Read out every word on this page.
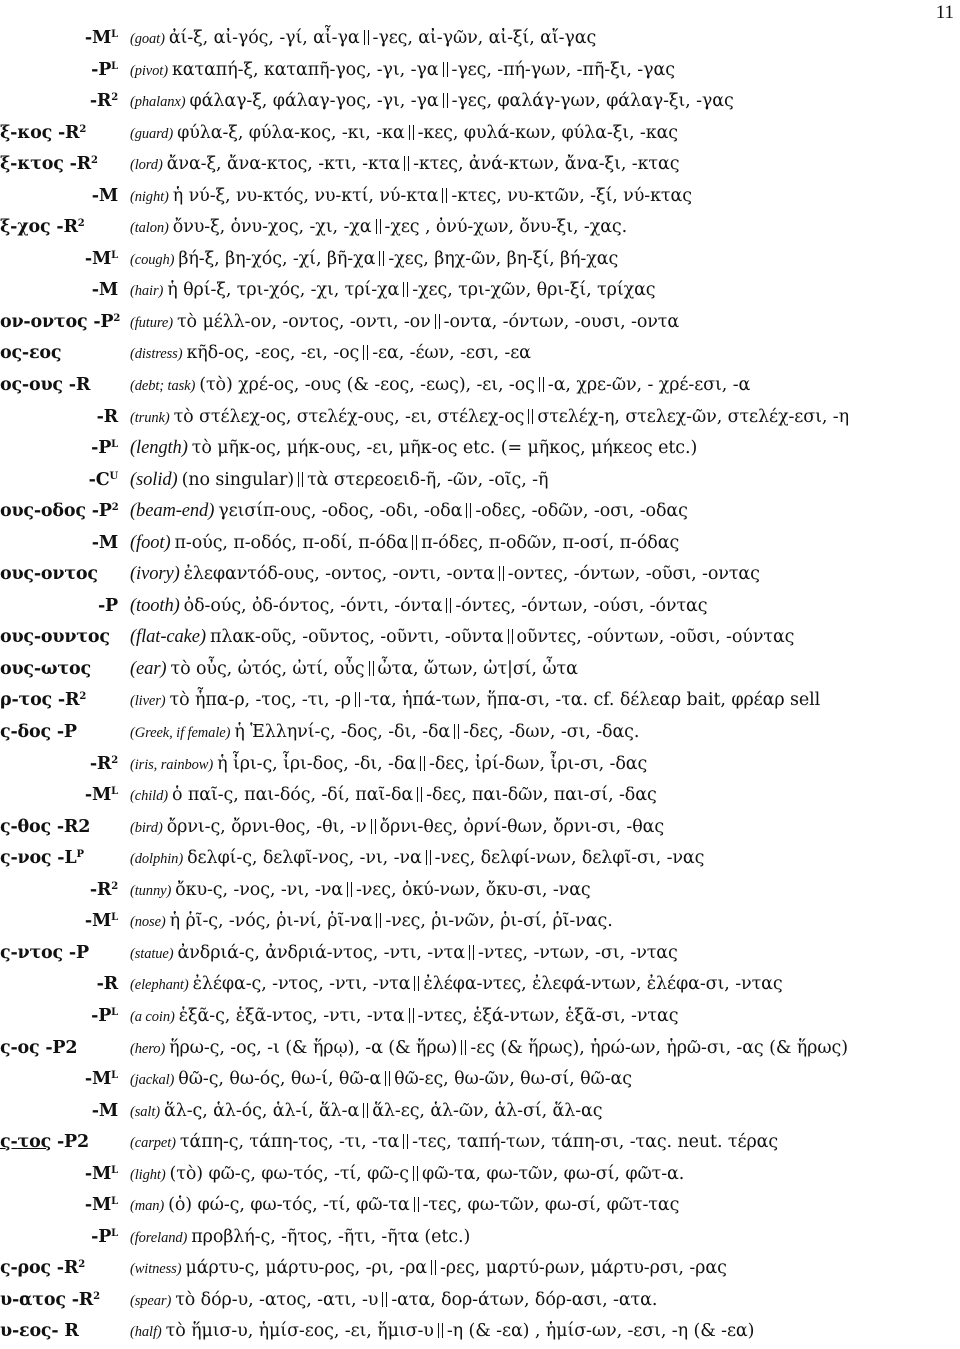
11
$-M^L$ (goat) ἀί-ξ, αἰ-γός, -γί, αἶ-γα -γες, αἰ-γῶν, αἰ-ξί, αἴ-γας
$-P^L$ (pivot) καταπή-ξ, καταπῆ-γος, -γι, -γα -γες, -πή-γων, -πῆ-ξι, -γας
$-R^2$ (phalanx) φάλαγ-ξ, φάλαγ-γος, -γι, -γα -γες, φαλάγ-γων, φάλαγ-ξι, -γας
ξ-κος $-R^2$	(guard) φύλα-ξ, φύλα-κος, -κι, -κα -κες, φυλά-κων, φύλα-ξι, -κας
ξ-κτος $-R^2$	(lord) ἄνα-ξ, ἄνα-κτος, -κτι, -κτα -κτες, ἀνά-κτων, ἄνα-ξι, -κτας
-M (night) ἡ νύ-ξ, νυ-κτός, νυ-κτί, νύ-κτα -κτες, νυ-κτῶν, -ξί, νύ-κτας
ξ-χος $-R^2$	(talon) ὄνυ-ξ, ὁνυ-χος, -χι, -χα -χες , ὀνύ-χων, ὄνυ-ξι, -χας.
$-M^L$ (cough) βή-ξ, βη-χός, -χί, βῆ-χα -χες, βηχ-ῶν, βη-ξί, βή-χας
-M (hair) ἡ θρί-ξ, τρι-χός, -χι, τρί-χα -χες, τρι-χῶν, θρι-ξί, τρίχας
ον-οντος $-P^2$ (future) τὸ μέλλ-ον, -οντος, -οντι, -ον -οντα, -όντων, -ουσι, -οντα
ος-εος	(distress) κῆδ-ος, -εος, -ει, -ος -εα, -έων, -εσι, -εα
ος-ους -R	(debt; task) (τὸ) χρέ-ος, -ους (& -εος, -εως), -ει, -ος -α, χρε-ῶν, - χρέ-εσι, -α
-R (trunk) τὸ στέλεχ-ος, στελέχ-ους, -ει, στέλεχ-ος στελέχ-η, στελεχ-ῶν, στελέχ-εσι, -η
$-P^L$ (length) τὸ μῆκ-ος, μήκ-ους, -ει, μῆκ-ος etc. (= μῆκος, μήκεος etc.)
$-C^U$ (solid) (no singular) τὰ στερεοειδ-ῆ, -ῶν, -οῖς, -ῆ
ους-οδος $-P^2$ (beam-end) γεισίπ-ους, -οδος, -οδι, -οδα -οδες, -οδῶν, -οσι, -οδας
-M (foot) π-ούς, π-οδός, π-οδί, π-όδα π-όδες, π-οδῶν, π-οσί, π-όδας
ους-οντος	(ivory) ἐλεφαντόδ-ους, -οντος, -οντι, -οντα -οντες, -όντων, -οῦσι, -οντας
-P (tooth) ὀδ-ούς, ὀδ-όντος, -όντι, -όντα -όντες, -όντων, -ούσι, -όντας
ους-ουντος	(flat-cake) πλακ-οῦς, -οῦντος, -οῦντι, -οῦντα οῦντες, -ούντων, -οῦσι, -ούντας
ους-ωτος	(ear) τὸ οὖς, ὠτός, ὠτί, οὖς ὦτα, ὤτων, ὠτ|σί, ὦτα
ρ-τος $-R^2$	(liver) τὸ ἧπα-ρ, -τος, -τι, -ρ -τα, ἡπά-των, ἥπα-σι, -τα. cf. δέλεαρ bait, φρέαρ sell
ς-δος -P	(Greek, if female) ἡ Ἑλληνί-ς, -δος, -δι, -δα -δες, -δων, -σι, -δας.
$-R^2$ (iris, rainbow) ἡ ἶρι-ς, ἶρι-δος, -δι, -δα -δες, ἰρί-δων, ἶρι-σι, -δας
$-M^L$ (child) ὁ παῖ-ς, παι-δός, -δί, παῖ-δα -δες, παι-δῶν, παι-σί, -δας
ς-θος -R2	(bird) ὄρνι-ς, ὄρνι-θος, -θι, -ν ὄρνι-θες, ὀρνί-θων, ὄρνι-σι, -θας
ς-νος $-L^P$	(dolphin) δελφί-ς, δελφῖ-νος, -νι, -να -νες, δελφί-νων, δελφῖ-σι, -νας
$-R^2$ (tunny) ὄκυ-ς, -νος, -νι, -να -νες, ὀκύ-νων, ὄκυ-σι, -νας
$-M^L$ (nose) ἡ ῥῖ-ς, -νός, ῥι-νί, ῥῖ-να -νες, ῥι-νῶν, ῥι-σί, ῥῖ-νας.
ς-ντος -P	(statue) ἀνδριά-ς, ἀνδριά-ντος, -ντι, -ντα -ντες, -ντων, -σι, -ντας
-R (elephant) ἐλέφα-ς, -ντος, -ντι, -ντα ἐλέφα-ντες, ἐλεφά-ντων, ἐλέφα-σι, -ντας
$-P^L$ (a coin) ἑξᾶ-ς, ἑξᾶ-ντος, -ντι, -ντα -ντες, ἑξά-ντων, ἑξᾶ-σι, -ντας
ς-ος -P2	(hero) ἥρω-ς, -ος, -ι (& ἥρῳ), -α (& ἥρω) -ες (& ἥρως), ἡρώ-ων, ἡρῶ-σι, -ας (& ἥρως)
$-M^L$ (jackal) θῶ-ς, θω-ός, θω-ί, θῶ-α θῶ-ες, θω-ῶν, θω-σί, θῶ-ας
-M (salt) ἅλ-ς, ἁλ-ός, ἁλ-ί, ἅλ-α ἅλ-ες, ἁλ-ῶν, ἁλ-σί, ἅλ-ας
ς-τος -P2	(carpet) τάπη-ς, τάπη-τος, -τι, -τα -τες, ταπή-των, τάπη-σι, -τας. neut. τέρας
$-M^L$ (light) (τὸ) φῶ-ς, φω-τός, -τί, φῶ-ς φῶ-τα, φω-τῶν, φω-σί, φῶτ-α.
$-M^L$ (man) (ὁ) φώ-ς, φω-τός, -τί, φῶ-τα -τες, φω-τῶν, φω-σί, φῶτ-τας
$-P^L$ (foreland) προβλή-ς, -ῆτος, -ῆτι, -ῆτα (etc.)
ς-ρος $-R^2$	(witness) μάρτυ-ς, μάρτυ-ρος, -ρι, -ρα -ρες, μαρτύ-ρων, μάρτυ-ρσι, -ρας
υ-ατος $-R^2$	(spear) τὸ δόρ-υ, -ατος, -ατι, -υ -ατα, δορ-άτων, δόρ-ασι, -ατα.
υ-εος- R	(half) τὸ ἥμισ-υ, ἡμίσ-εος, -ει, ἥμισ-υ -η (& -εα) , ἡμίσ-ων, -εσι, -η (& -εα)
